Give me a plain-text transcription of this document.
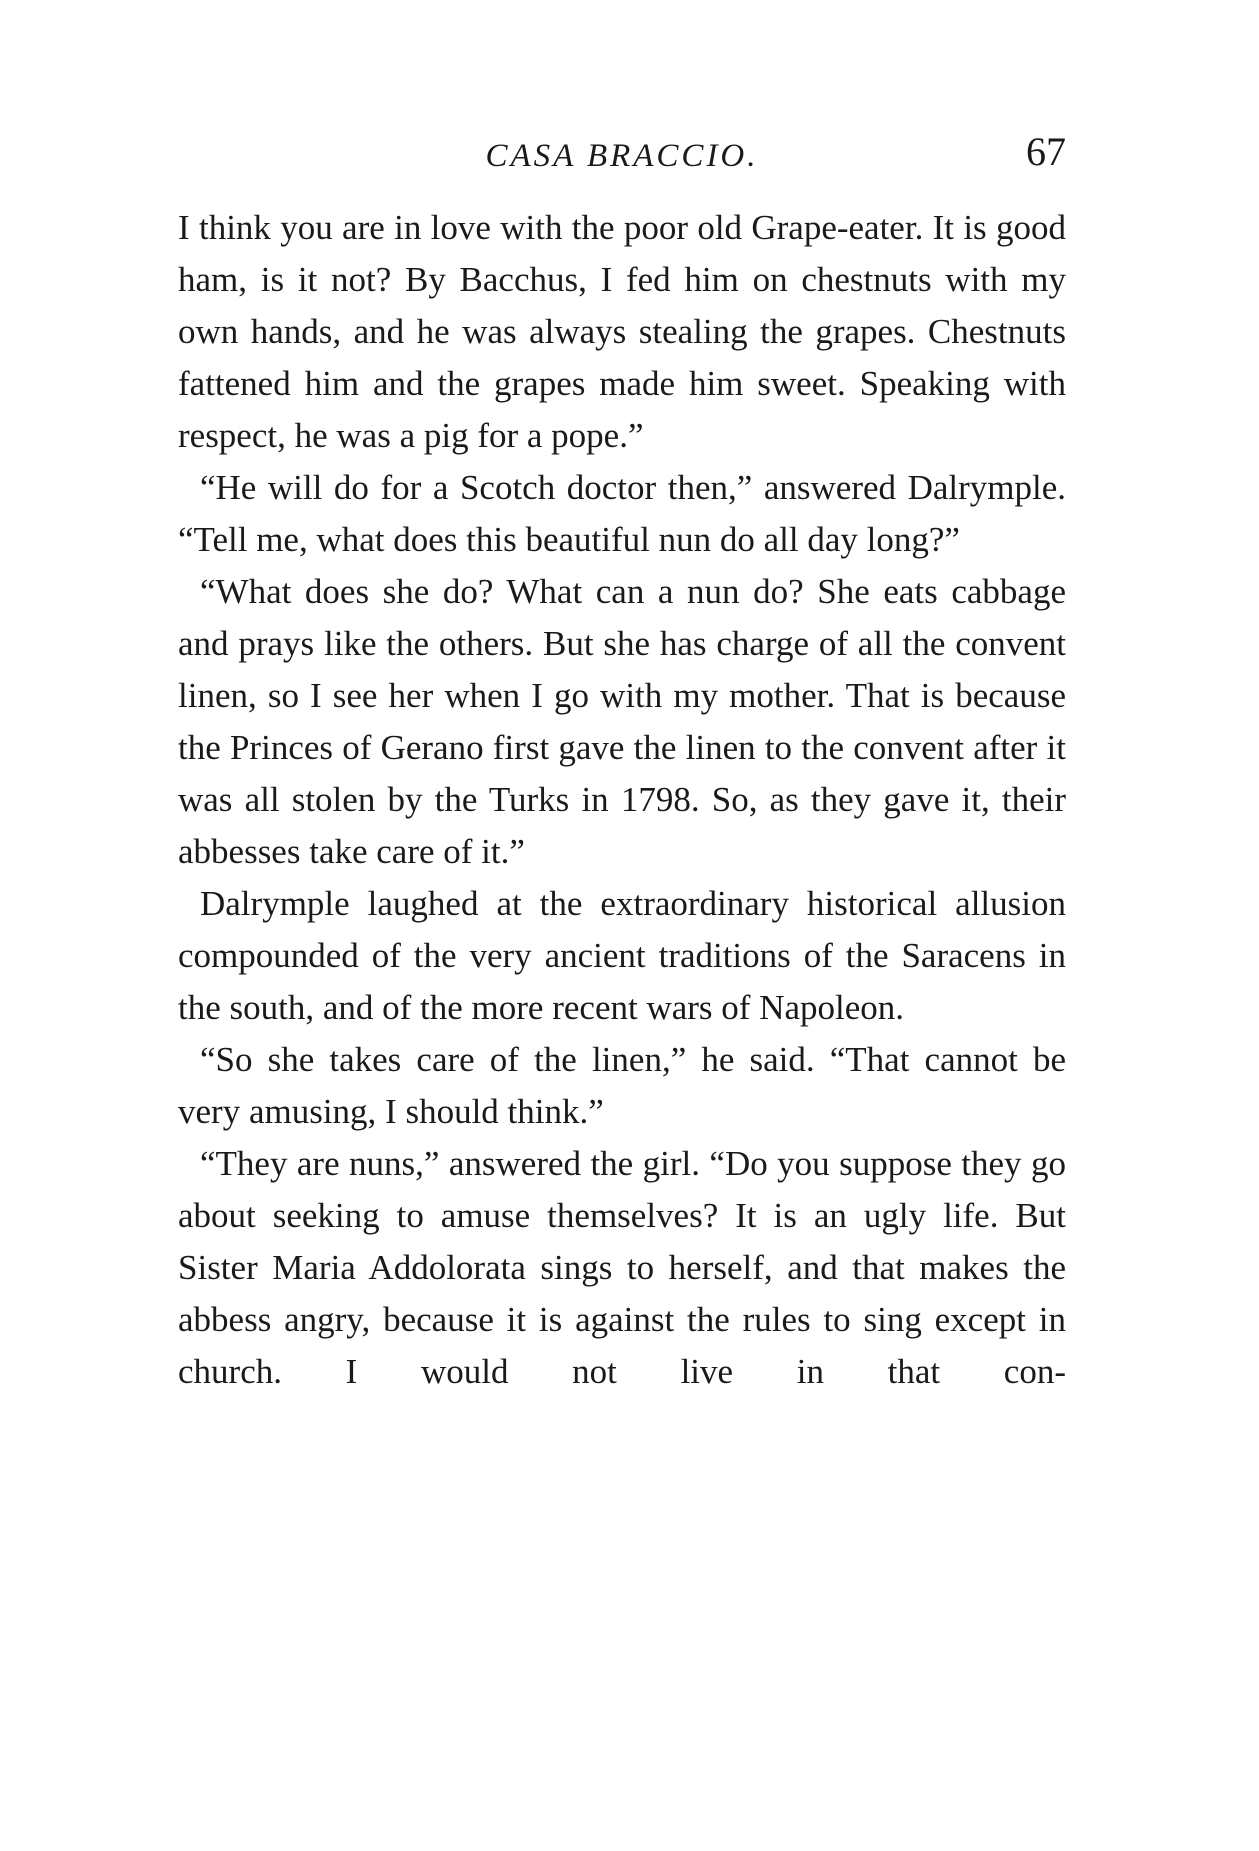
CASA BRACCIO.	67

I think you are in love with the poor old Grape-eater. It is good ham, is it not? By Bacchus, I fed him on chestnuts with my own hands, and he was always stealing the grapes. Chestnuts fattened him and the grapes made him sweet. Speaking with respect, he was a pig for a pope.”

“He will do for a Scotch doctor then,” answered Dalrymple. “Tell me, what does this beautiful nun do all day long?”

“What does she do? What can a nun do? She eats cabbage and prays like the others. But she has charge of all the convent linen, so I see her when I go with my mother. That is because the Princes of Gerano first gave the linen to the convent after it was all stolen by the Turks in 1798. So, as they gave it, their abbesses take care of it.”

Dalrymple laughed at the extraordinary historical allusion compounded of the very ancient traditions of the Saracens in the south, and of the more recent wars of Napoleon.

“So she takes care of the linen,” he said. “That cannot be very amusing, I should think.”

“They are nuns,” answered the girl. “Do you suppose they go about seeking to amuse themselves? It is an ugly life. But Sister Maria Addolorata sings to herself, and that makes the abbess angry, because it is against the rules to sing except in church. I would not live in that con-
